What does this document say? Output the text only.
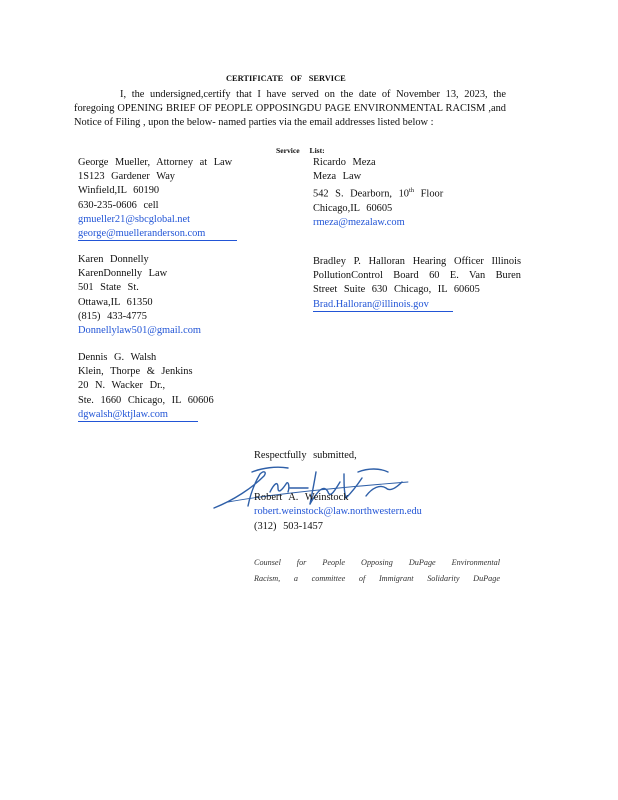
CERTIFICATE OF SERVICE
I, the undersigned,certify that I have served on the date of November 13, 2023, the foregoing OPENING BRIEF OF PEOPLE OPPOSINGDU PAGE ENVIRONMENTAL RACISM ,and Notice of Filing , upon the below- named parties via the email addresses listed below :
Service List:
George Mueller, Attorney at Law
1S123 Gardener Way
Winfield,IL 60190
630-235-0606 cell
gmueller21@sbcglobal.net
george@muelleranderson.com
Ricardo Meza
Meza Law
542 S. Dearborn, 10th Floor
Chicago,IL 60605
rmeza@mezalaw.com
Karen Donnelly
KarenDonnelly Law
501 State St.
Ottawa,IL 61350
(815) 433-4775
Donnellylaw501@gmail.com
Bradley P. Halloran Hearing Officer Illinois
PollutionControl Board 60 E. Van Buren
Street Suite 630 Chicago, IL 60605
Brad.Halloran@illinois.gov
Dennis G. Walsh
Klein, Thorpe & Jenkins
20 N. Wacker Dr.,
Ste. 1660 Chicago, IL 60606
dgwalsh@ktjlaw.com
Respectfully submitted,
Robert A. Weinstock
robert.weinstock@law.northwestern.edu
(312) 503-1457
Counsel for People Opposing DuPage Environmental
Racism, a committee of Immigrant Solidarity DuPage
